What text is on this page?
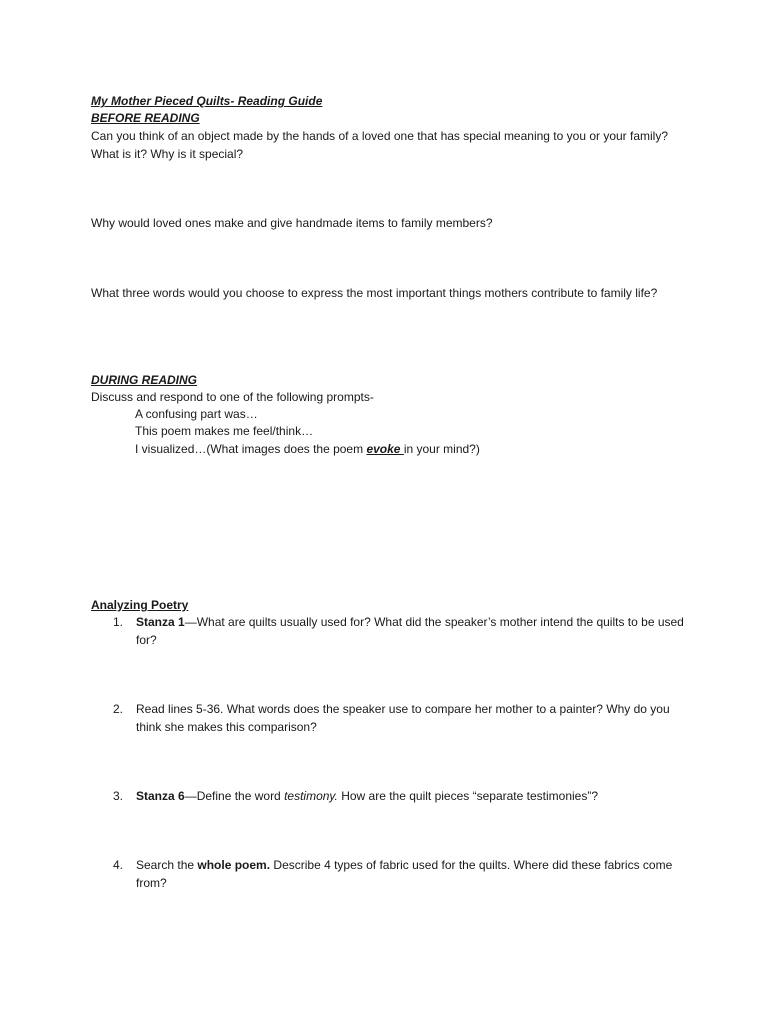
My Mother Pieced Quilts- Reading Guide
BEFORE READING
Can you think of an object made by the hands of a loved one that has special meaning to you or your family? What is it? Why is it special?
Why would loved ones make and give handmade items to family members?
What three words would you choose to express the most important things mothers contribute to family life?
DURING READING
Discuss and respond to one of the following prompts-
A confusing part was…
This poem makes me feel/think…
I visualized…(What images does the poem evoke in your mind?)
Analyzing Poetry
1. Stanza 1—What are quilts usually used for? What did the speaker’s mother intend the quilts to be used for?
2. Read lines 5-36. What words does the speaker use to compare her mother to a painter? Why do you think she makes this comparison?
3. Stanza 6—Define the word testimony. How are the quilt pieces “separate testimonies”?
4. Search the whole poem. Describe 4 types of fabric used for the quilts. Where did these fabrics come from?
